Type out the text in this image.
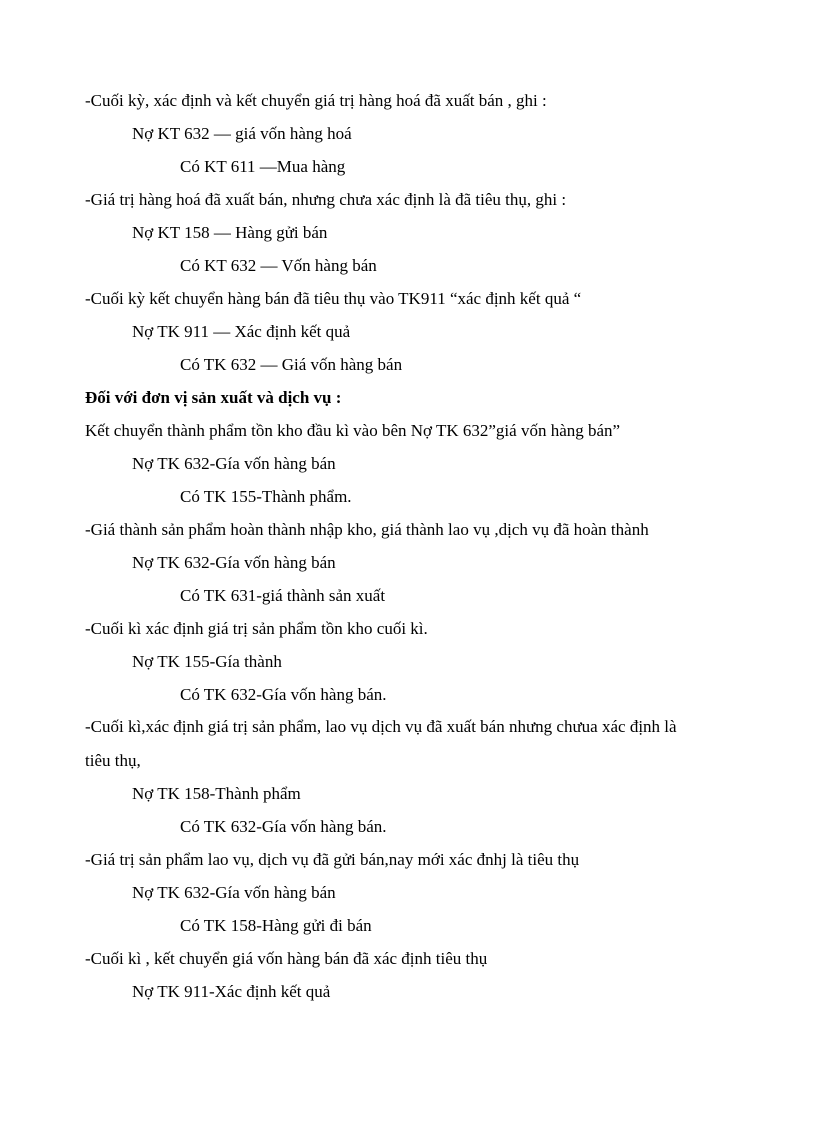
-Cuối kỳ, xác định và kết chuyển giá trị hàng hoá đã xuất bán , ghi :
Nợ KT 632 — giá vốn hàng hoá
Có KT 611 —Mua hàng
-Giá trị hàng hoá đã xuất bán, nhưng chưa xác định là đã tiêu thụ, ghi :
Nợ KT 158 — Hàng gửi bán
Có KT 632 — Vốn hàng bán
-Cuối kỳ kết chuyển hàng bán đã tiêu thụ vào TK911 “xác định kết quả “
Nợ TK 911 — Xác định kết quả
Có TK 632 — Giá vốn hàng bán
Đối với đơn vị sản xuất và dịch vụ :
Kết chuyển thành phẩm tồn kho đầu kì vào bên Nợ TK 632”giá vốn hàng bán”
Nợ TK 632-Gía vốn hàng bán
Có TK 155-Thành phẩm.
-Giá thành sản phẩm hoàn thành nhập kho, giá thành lao vụ ,dịch vụ đã hoàn thành
Nợ TK 632-Gía vốn hàng bán
Có TK 631-giá thành sản xuất
-Cuối kì xác định giá trị sản phẩm tồn kho cuối kì.
Nợ TK 155-Gía thành
Có TK 632-Gía vốn hàng bán.
-Cuối kì,xác định giá trị sản phẩm, lao vụ dịch vụ đã xuất bán nhưng chưua xác định là
tiêu thụ,
Nợ TK 158-Thành phẩm
Có TK 632-Gía vốn hàng bán.
-Giá trị sản phẩm lao vụ, dịch vụ đã gửi bán,nay mới xác đnhj là tiêu thụ
Nợ TK 632-Gía vốn hàng bán
Có TK 158-Hàng gửi đi bán
-Cuối kì , kết chuyển giá vốn hàng bán đã xác định tiêu thụ
Nợ TK 911-Xác định kết quả
